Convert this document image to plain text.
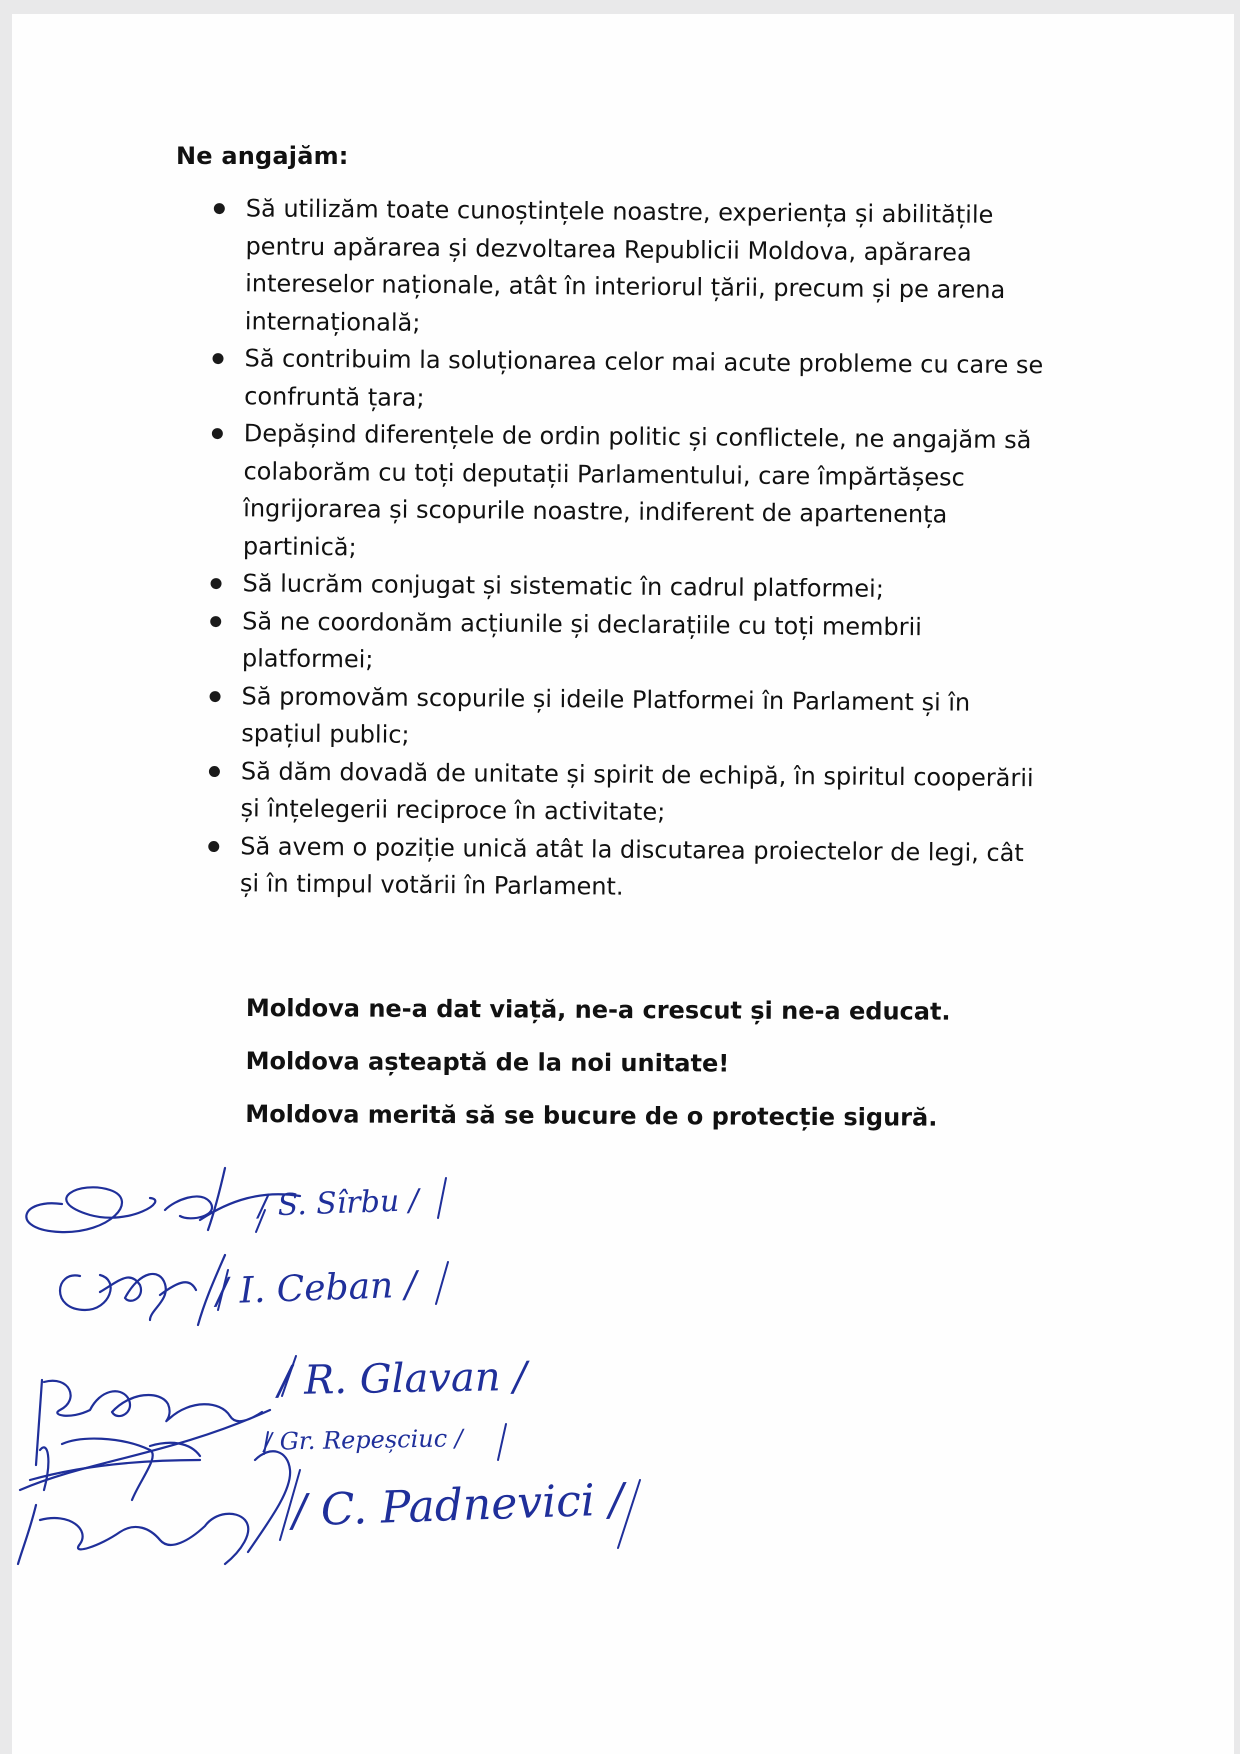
Ne angajăm:
Să utilizăm toate cunoștințele noastre, experiența și abilitățile pentru apărarea și dezvoltarea Republicii Moldova, apărarea intereselor naționale, atât în interiorul țării, precum și pe arena internațională;
Să contribuim la soluționarea celor mai acute probleme cu care se confruntă țara;
Depășind diferențele de ordin politic și conflictele, ne angajăm să colaborăm cu toți deputații Parlamentului, care împărtășesc îngrijorarea și scopurile noastre, indiferent de apartenența partinică;
Să lucrăm conjugat și sistematic în cadrul platformei;
Să ne coordonăm acțiunile și declarațiile cu toți membrii platformei;
Să promovăm scopurile și ideile Platformei în Parlament și în spațiul public;
Să dăm dovadă de unitate și spirit de echipă, în spiritul cooperării și înțelegerii reciproce în activitate;
Să avem o poziție unică atât la discutarea proiectelor de legi, cât și în timpul votării în Parlament.

Moldova ne-a dat viață, ne-a crescut și ne-a educat.

Moldova așteaptă de la noi unitate!

Moldova merită să se bucure de o protecție sigură.

/ S. Sîrbu /
/ I. Ceban /
/ R. Glavan /
/ Gr. Repeșciuc /
/ C. Padnevici /
